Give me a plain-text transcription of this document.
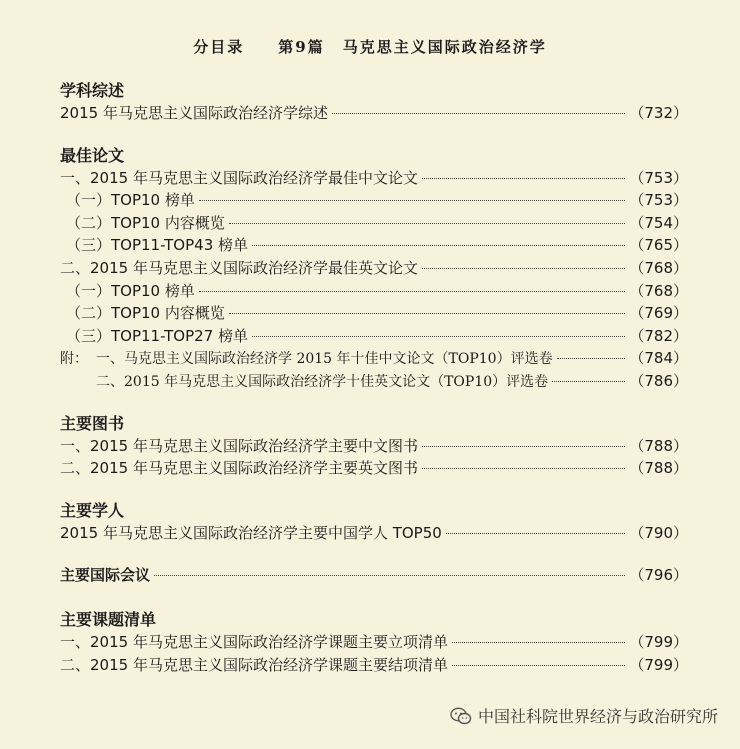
分目录 第9篇 马克思主义国际政治经济学
学科综述
2015 年马克思主义国际政治经济学综述	（732）
最佳论文
一、2015 年马克思主义国际政治经济学最佳中文论文	（753）
（一）TOP10 榜单	（753）
（二）TOP10 内容概览	（754）
（三）TOP11-TOP43 榜单	（765）
二、2015 年马克思主义国际政治经济学最佳英文论文	（768）
（一）TOP10 榜单	（768）
（二）TOP10 内容概览	（769）
（三）TOP11-TOP27 榜单	（782）
附： 一、马克思主义国际政治经济学 2015 年十佳中文论文（TOP10）评选卷	（784）
二、2015 年马克思主义国际政治经济学十佳英文论文（TOP10）评选卷	（786）
主要图书
一、2015 年马克思主义国际政治经济学主要中文图书	（788）
二、2015 年马克思主义国际政治经济学主要英文图书	（788）
主要学人
2015 年马克思主义国际政治经济学主要中国学人 TOP50	（790）
主要国际会议	（796）
主要课题清单
一、2015 年马克思主义国际政治经济学课题主要立项清单	（799）
二、2015 年马克思主义国际政治经济学课题主要结项清单	（799）
中国社科院世界经济与政治研究所
